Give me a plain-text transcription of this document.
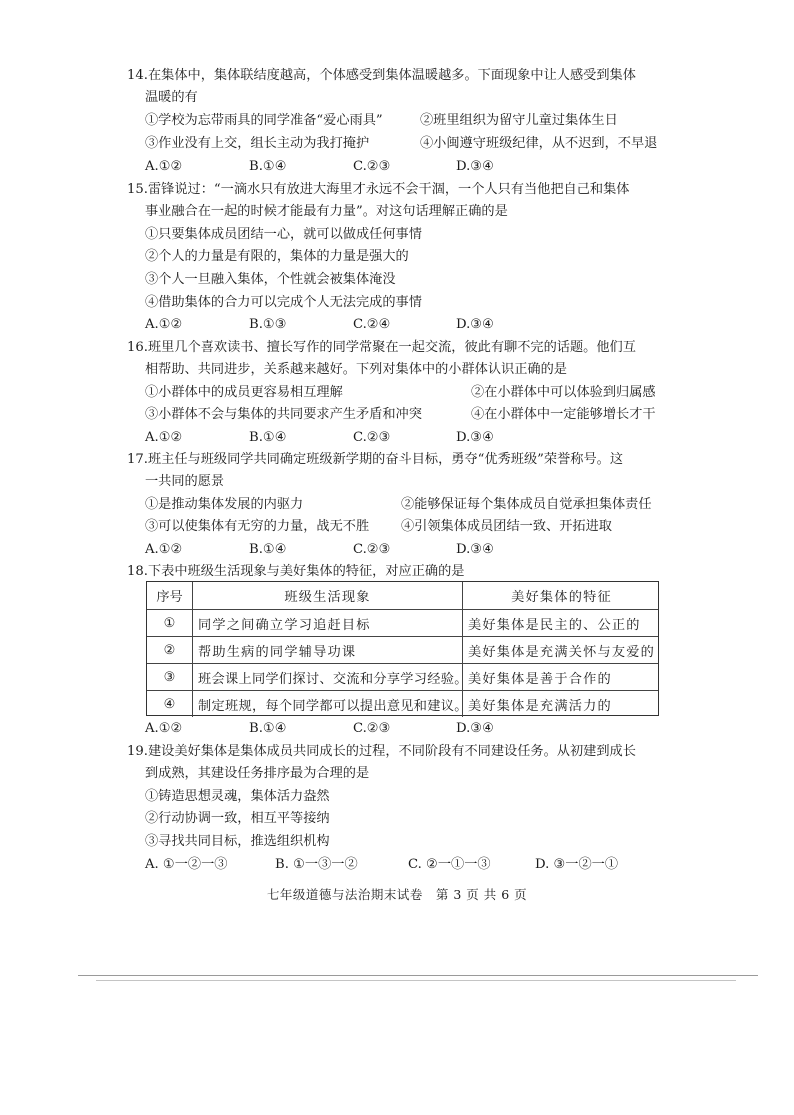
14.在集体中，集体联结度越高，个体感受到集体温暖越多。下面现象中让人感受到集体
温暖的有
①学校为忘带雨具的同学准备“爱心雨具”	②班里组织为留守儿童过集体生日
③作业没有上交，组长主动为我打掩护	④小闽遵守班级纪律，从不迟到，不早退
A.①②	B.①④	C.②③	D.③④
15.雷锋说过：“一滴水只有放进大海里才永远不会干涸，一个人只有当他把自己和集体
事业融合在一起的时候才能最有力量”。对这句话理解正确的是
①只要集体成员团结一心，就可以做成任何事情
②个人的力量是有限的，集体的力量是强大的
③个人一旦融入集体，个性就会被集体淹没
④借助集体的合力可以完成个人无法完成的事情
A.①②	B.①③	C.②④	D.③④
16.班里几个喜欢读书、擅长写作的同学常聚在一起交流，彼此有聊不完的话题。他们互
相帮助、共同进步，关系越来越好。下列对集体中的小群体认识正确的是
①小群体中的成员更容易相互理解	②在小群体中可以体验到归属感
③小群体不会与集体的共同要求产生矛盾和冲突	④在小群体中一定能够增长才干
A.①②	B.①④	C.②③	D.③④
17.班主任与班级同学共同确定班级新学期的奋斗目标，勇夺“优秀班级”荣誉称号。这
一共同的愿景
①是推动集体发展的内驱力	②能够保证每个集体成员自觉承担集体责任
③可以使集体有无穷的力量，战无不胜 ④引领集体成员团结一致、开拓进取
A.①②	B.①④	C.②③	D.③④
18.下表中班级生活现象与美好集体的特征，对应正确的是
序号	班级生活现象	美好集体的特征
①	同学之间确立学习追赶目标	美好集体是民主的、公正的
②	帮助生病的同学辅导功课	美好集体是充满关怀与友爱的
③	班会课上同学们探讨、交流和分享学习经验。 美好集体是善于合作的
④	制定班规，每个同学都可以提出意见和建议。 美好集体是充满活力的
A.①②	B.①④	C.②③	D.③④
19.建设美好集体是集体成员共同成长的过程，不同阶段有不同建设任务。从初建到成长
到成熟，其建设任务排序最为合理的是
①铸造思想灵魂，集体活力盎然
②行动协调一致，相互平等接纳
③寻找共同目标，推选组织机构
A. ①一②一③	B. ①一③一②	C. ②一①一③	D. ③一②一①
七年级道德与法治期末试卷　第 3 页 共 6 页
